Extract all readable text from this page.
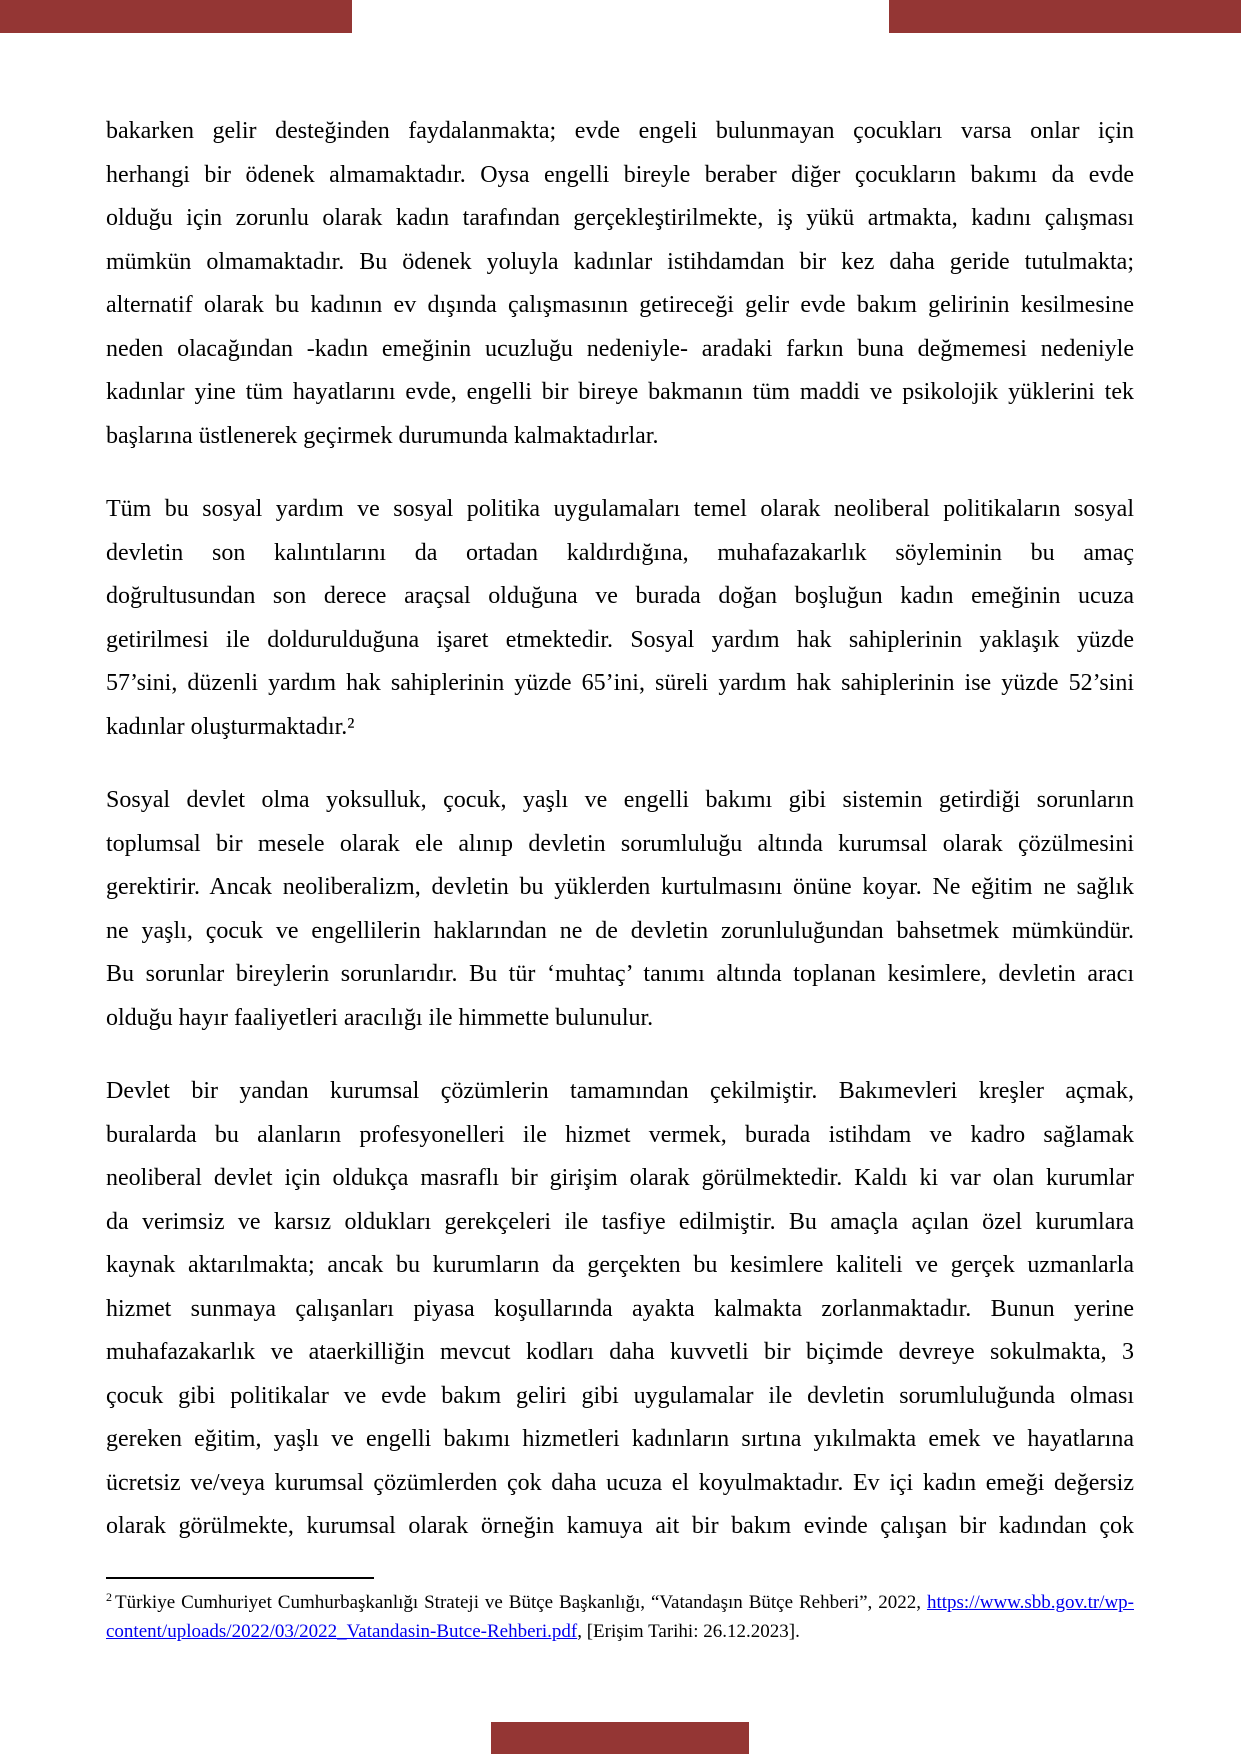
bakarken gelir desteğinden faydalanmakta; evde engeli bulunmayan çocukları varsa onlar için
herhangi bir ödenek almamaktadır. Oysa engelli bireyle beraber diğer çocukların bakımı da evde
olduğu için zorunlu olarak kadın tarafından gerçekleştirilmekte, iş yükü artmakta, kadını çalışması
mümkün olmamaktadır. Bu ödenek yoluyla kadınlar istihdamdan bir kez daha geride tutulmakta;
alternatif olarak bu kadının ev dışında çalışmasının getireceği gelir evde bakım gelirinin kesilmesine
neden olacağından -kadın emeğinin ucuzluğu nedeniyle- aradaki farkın buna değmemesi nedeniyle
kadınlar yine tüm hayatlarını evde, engelli bir bireye bakmanın tüm maddi ve psikolojik yüklerini tek
başlarına üstlenerek geçirmek durumunda kalmaktadırlar.
Tüm bu sosyal yardım ve sosyal politika uygulamaları temel olarak neoliberal politikaların sosyal
devletin son kalıntılarını da ortadan kaldırdığına, muhafazakarlık söyleminin bu amaç
doğrultusundan son derece araçsal olduğuna ve burada doğan boşluğun kadın emeğinin ucuza
getirilmesi ile doldurulduğuna işaret etmektedir. Sosyal yardım hak sahiplerinin yaklaşık yüzde
57’sini, düzenli yardım hak sahiplerinin yüzde 65’ini, süreli yardım hak sahiplerinin ise yüzde 52’sini
kadınlar oluşturmaktadır.²
Sosyal devlet olma yoksulluk, çocuk, yaşlı ve engelli bakımı gibi sistemin getirdiği sorunların
toplumsal bir mesele olarak ele alınıp devletin sorumluluğu altında kurumsal olarak çözülmesini
gerektirir. Ancak neoliberalizm, devletin bu yüklerden kurtulmasını önüne koyar. Ne eğitim ne sağlık
ne yaşlı, çocuk ve engellilerin haklarından ne de devletin zorunluluğundan bahsetmek mümkündür.
Bu sorunlar bireylerin sorunlarıdır. Bu tür ‘muhtaç’ tanımı altında toplanan kesimlere, devletin aracı
olduğu hayır faaliyetleri aracılığı ile himmette bulunulur.
Devlet bir yandan kurumsal çözümlerin tamamından çekilmiştir. Bakımevleri kreşler açmak,
buralarda bu alanların profesyonelleri ile hizmet vermek, burada istihdam ve kadro sağlamak
neoliberal devlet için oldukça masraflı bir girişim olarak görülmektedir. Kaldı ki var olan kurumlar
da verimsiz ve karsız oldukları gerekçeleri ile tasfiye edilmiştir. Bu amaçla açılan özel kurumlara
kaynak aktarılmakta; ancak bu kurumların da gerçekten bu kesimlere kaliteli ve gerçek uzmanlarla
hizmet sunmaya çalışanları piyasa koşullarında ayakta kalmakta zorlanmaktadır. Bunun yerine
muhafazakarlık ve ataerkilliğin mevcut kodları daha kuvvetli bir biçimde devreye sokulmakta, 3
çocuk gibi politikalar ve evde bakım geliri gibi uygulamalar ile devletin sorumluluğunda olması
gereken eğitim, yaşlı ve engelli bakımı hizmetleri kadınların sırtına yıkılmakta emek ve hayatlarına
ücretsiz ve/veya kurumsal çözümlerden çok daha ucuza el koyulmaktadır. Ev içi kadın emeği değersiz
olarak görülmekte, kurumsal olarak örneğin kamuya ait bir bakım evinde çalışan bir kadından çok
$^2$ Türkiye Cumhuriyet Cumhurbaşkanlığı Strateji ve Bütçe Başkanlığı, “Vatandaşın Bütçe Rehberi”, 2022, https://www.sbb.gov.tr/wp-
content/uploads/2022/03/2022_Vatandasin-Butce-Rehberi.pdf, [Erişim Tarihi: 26.12.2023].
